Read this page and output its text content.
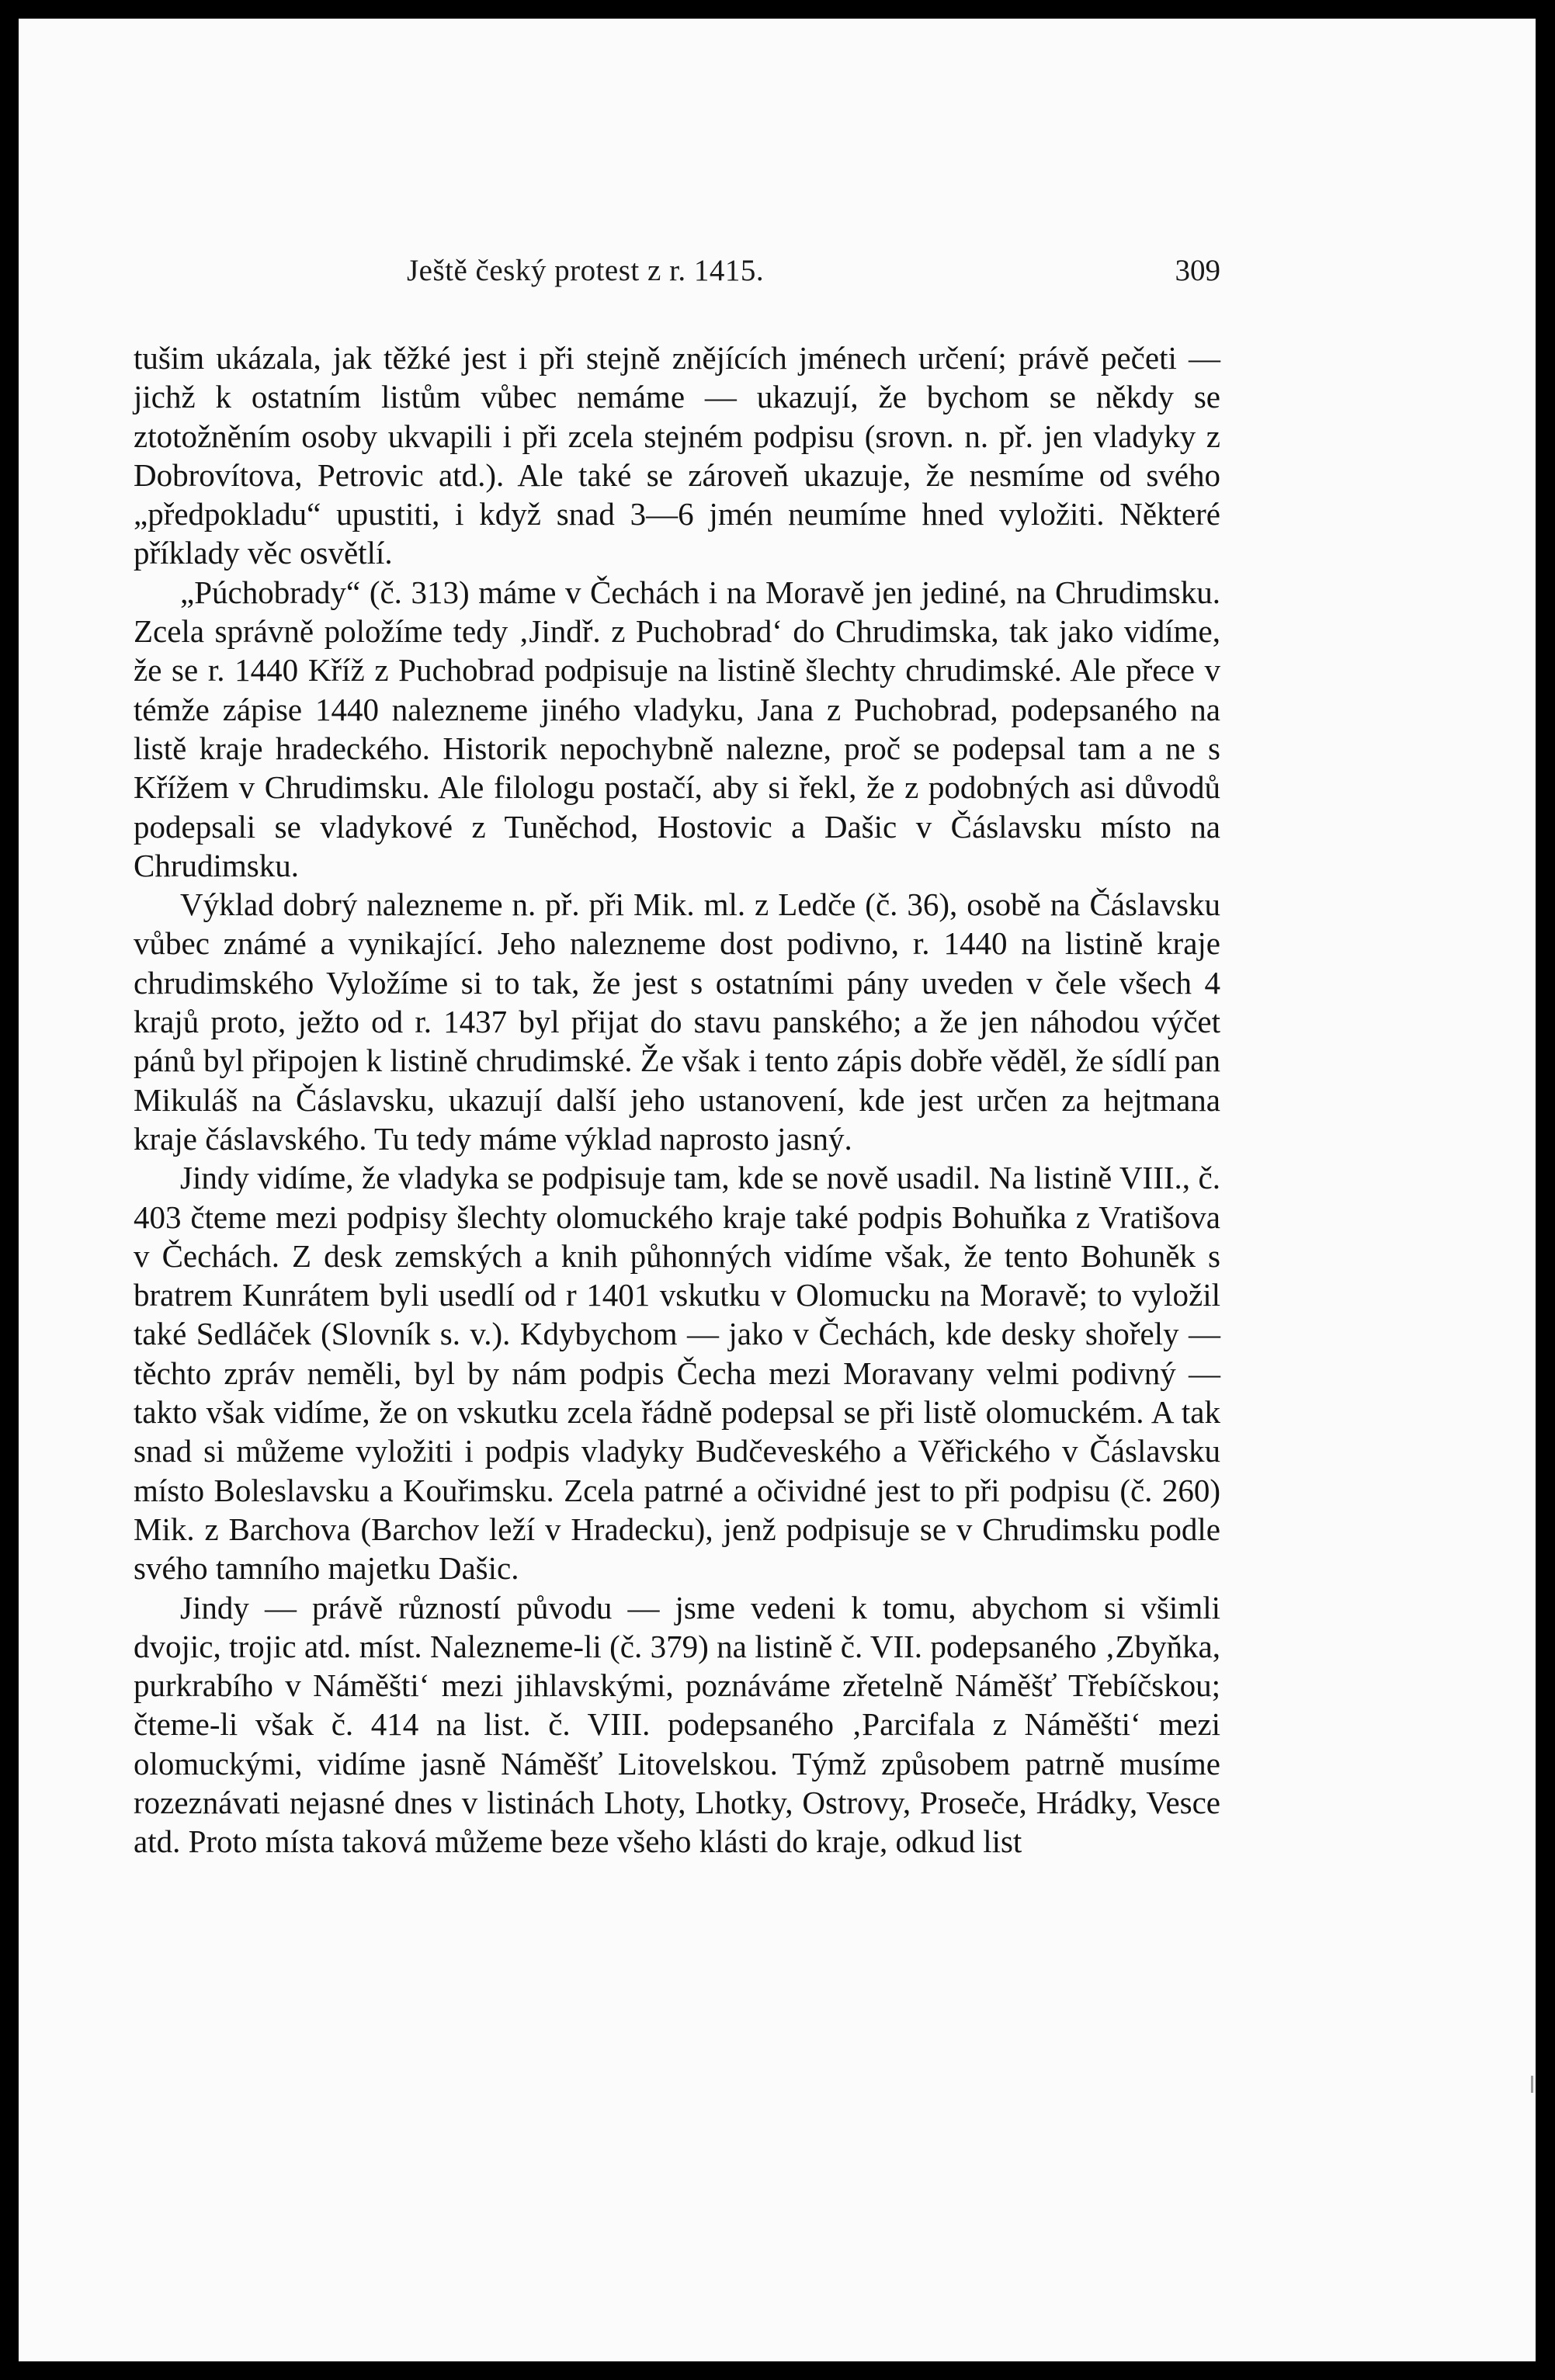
Ještě český protest z r. 1415.	309

tušim ukázala, jak těžké jest i při stejně znějících jménech určení; právě pečeti — jichž k ostatním listům vůbec nemáme — ukazují, že bychom se někdy se ztotožněním osoby ukvapili i při zcela stejném podpisu (srovn. n. př. jen vladyky z Dobrovítova, Petrovic atd.). Ale také se zároveň ukazuje, že nesmíme od svého „předpokladu“ upustiti, i když snad 3—6 jmén neumíme hned vyložiti. Některé příklady věc osvětlí.

„Púchobrady“ (č. 313) máme v Čechách i na Moravě jen jediné, na Chrudimsku. Zcela správně položíme tedy ‚Jindř. z Puchobrad‘ do Chrudimska, tak jako vidíme, že se r. 1440 Kříž z Puchobrad podpisuje na listině šlechty chrudimské. Ale přece v témže zápise 1440 nalezneme jiného vladyku, Jana z Puchobrad, podepsaného na listě kraje hradeckého. Historik nepochybně nalezne, proč se podepsal tam a ne s Křížem v Chrudimsku. Ale filologu postačí, aby si řekl, že z podobných asi důvodů podepsali se vladykové z Tuněchod, Hostovic a Dašic v Čáslavsku místo na Chrudimsku.

Výklad dobrý nalezneme n. př. při Mik. ml. z Ledče (č. 36), osobě na Čáslavsku vůbec známé a vynikající. Jeho nalezneme dost podivno, r. 1440 na listině kraje chrudimského Vyložíme si to tak, že jest s ostatními pány uveden v čele všech 4 krajů proto, ježto od r. 1437 byl přijat do stavu panského; a že jen náhodou výčet pánů byl připojen k listině chrudimské. Že však i tento zápis dobře věděl, že sídlí pan Mikuláš na Čáslavsku, ukazují další jeho ustanovení, kde jest určen za hejtmana kraje čáslavského. Tu tedy máme výklad naprosto jasný.

Jindy vidíme, že vladyka se podpisuje tam, kde se nově usadil. Na listině VIII., č. 403 čteme mezi podpisy šlechty olomuckého kraje také podpis Bohuňka z Vratišova v Čechách. Z desk zemských a knih půhonných vidíme však, že tento Bohuněk s bratrem Kunrátem byli usedlí od r 1401 vskutku v Olomucku na Moravě; to vyložil také Sedláček (Slovník s. v.). Kdybychom — jako v Čechách, kde desky shořely — těchto zpráv neměli, byl by nám podpis Čecha mezi Moravany velmi podivný — takto však vidíme, že on vskutku zcela řádně podepsal se při listě olomuckém. A tak snad si můžeme vyložiti i podpis vladyky Budčeveského a Věřického v Čáslavsku místo Boleslavsku a Kouřimsku. Zcela patrné a očividné jest to při podpisu (č. 260) Mik. z Barchova (Barchov leží v Hradecku), jenž podpisuje se v Chrudimsku podle svého tamního majetku Dašic.

Jindy — právě růzností původu — jsme vedeni k tomu, abychom si všimli dvojic, trojic atd. míst. Nalezneme-li (č. 379) na listině č. VII. podepsaného ‚Zbyňka, purkrabího v Náměšti‘ mezi jihlavskými, poznáváme zřetelně Náměšť Třebíčskou; čteme-li však č. 414 na list. č. VIII. podepsaného ‚Parcifala z Náměšti‘ mezi olomuckými, vidíme jasně Náměšť Litovelskou. Týmž způsobem patrně musíme rozeznávati nejasné dnes v listinách Lhoty, Lhotky, Ostrovy, Proseče, Hrádky, Vesce atd. Proto místa taková můžeme beze všeho klásti do kraje, odkud list
